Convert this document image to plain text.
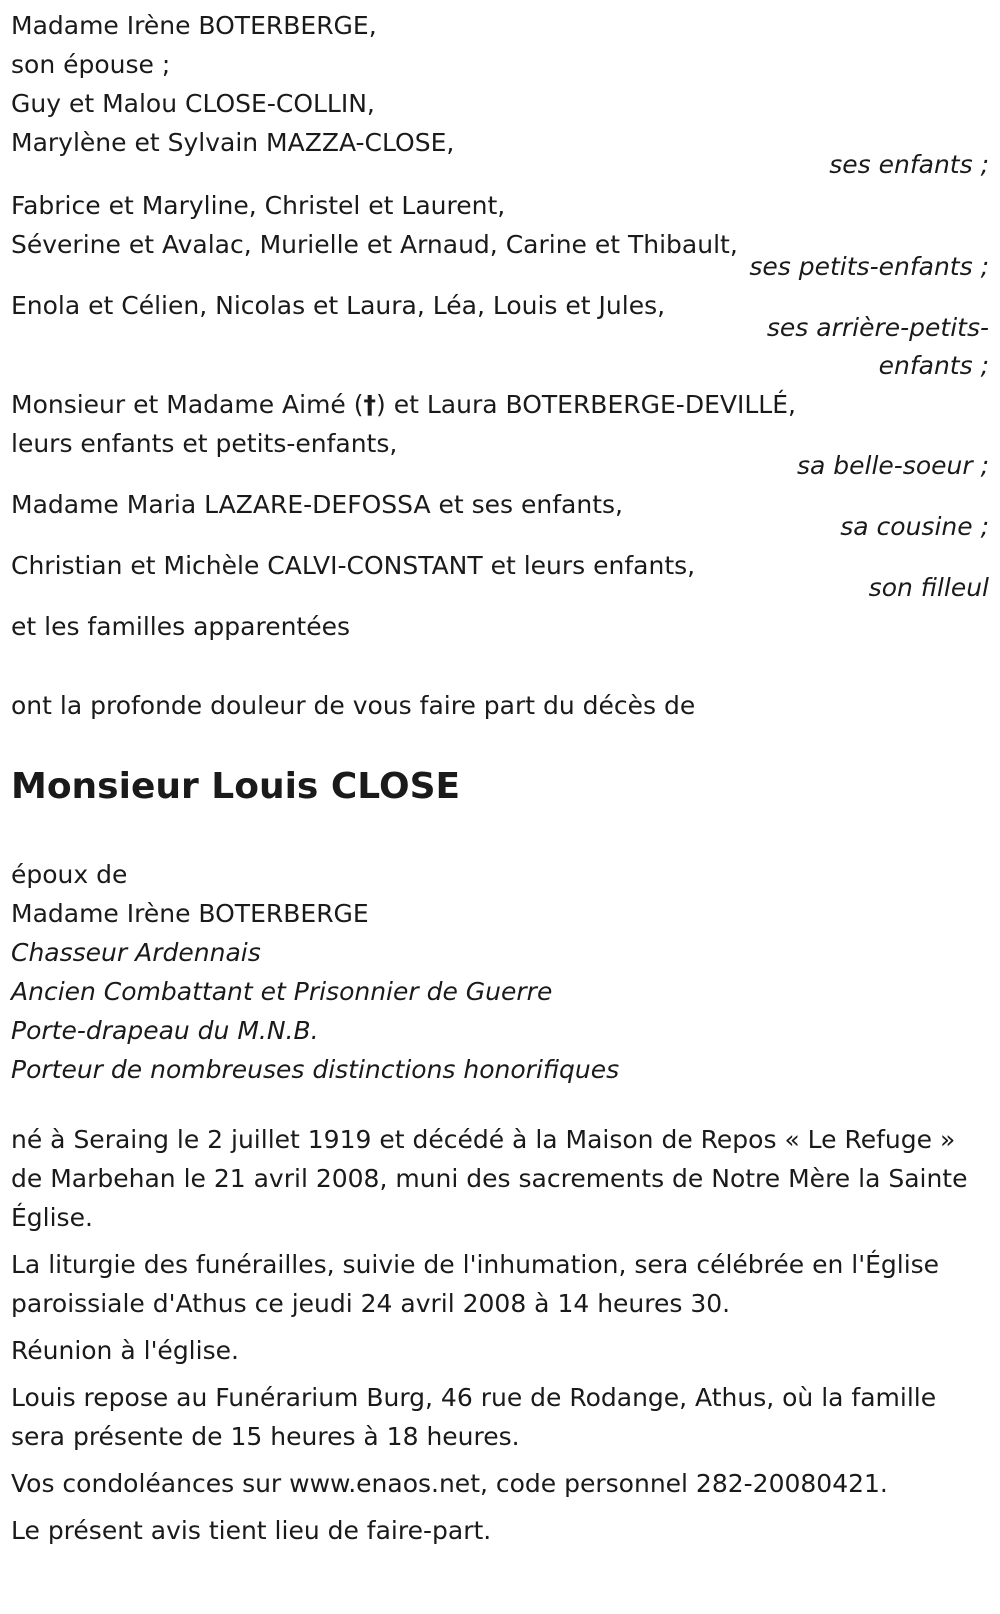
Madame Irène BOTERBERGE,
son épouse ;
Guy et Malou CLOSE-COLLIN,
Marylène et Sylvain MAZZA-CLOSE,
ses enfants ;
Fabrice et Maryline, Christel et Laurent,
Séverine et Avalac, Murielle et Arnaud, Carine et Thibault,
ses petits-enfants ;
Enola et Célien, Nicolas et Laura, Léa, Louis et Jules,
ses arrière-petits-enfants ;
Monsieur et Madame Aimé (†) et Laura BOTERBERGE-DEVILLÉ,
leurs enfants et petits-enfants,
sa belle-soeur ;
Madame Maria LAZARE-DEFOSSA et ses enfants,
sa cousine ;
Christian et Michèle CALVI-CONSTANT et leurs enfants,
son filleul
et les familles apparentées
ont la profonde douleur de vous faire part du décès de
Monsieur Louis CLOSE
époux de
Madame Irène BOTERBERGE
Chasseur Ardennais
Ancien Combattant et Prisonnier de Guerre
Porte-drapeau du M.N.B.
Porteur de nombreuses distinctions honorifiques
né à Seraing le 2 juillet 1919 et décédé à la Maison de Repos « Le Refuge » de Marbehan le 21 avril 2008, muni des sacrements de Notre Mère la Sainte Église.
La liturgie des funérailles, suivie de l'inhumation, sera célébrée en l'Église paroissiale d'Athus ce jeudi 24 avril 2008 à 14 heures 30.
Réunion à l'église.
Louis repose au Funérarium Burg, 46 rue de Rodange, Athus, où la famille sera présente de 15 heures à 18 heures.
Vos condoléances sur www.enaos.net, code personnel 282-20080421.
Le présent avis tient lieu de faire-part.
